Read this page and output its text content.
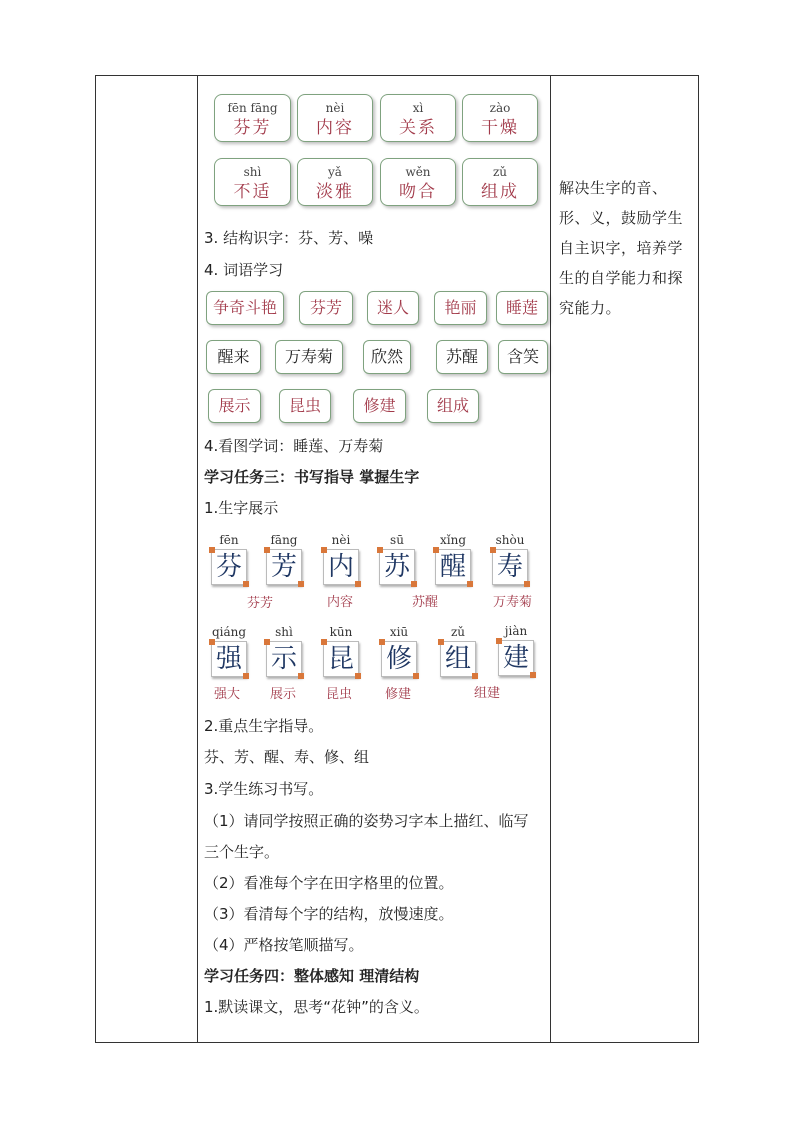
fēn fāng
芬芳
nèi
内容
xì
关系
zào
干燥
shì
不适
yǎ
淡雅
wěn
吻合
zǔ
组成
3. 结构识字：芬、芳、噪
4. 词语学习
争奇斗艳	芬芳	迷人	艳丽	睡莲
醒来	万寿菊	欣然	苏醒	含笑
展示	昆虫	修建	组成
4.看图学词：睡莲、万寿菊
学习任务三：书写指导 掌握生字
1.生字展示
fēn
芬
fāng
芳
nèi
内
sū
苏
xǐng
醒
shòu
寿
芬芳	内容	苏醒	万寿菊
qiáng
强
shì
示
kūn
昆
xiū
修
zǔ
组
jiàn
建
强大 展示 昆虫	修建	组建
2.重点生字指导。
芬、芳、醒、寿、修、组
3.学生练习书写。
（1）请同学按照正确的姿势习字本上描红、临写
三个生字。
（2）看准每个字在田字格里的位置。
（3）看清每个字的结构，放慢速度。
（4）严格按笔顺描写。
学习任务四：整体感知 理清结构
1.默读课文，思考“花钟”的含义。
解决生字的音、形、义，鼓励学生自主识字，培养学生的自学能力和探究能力。
